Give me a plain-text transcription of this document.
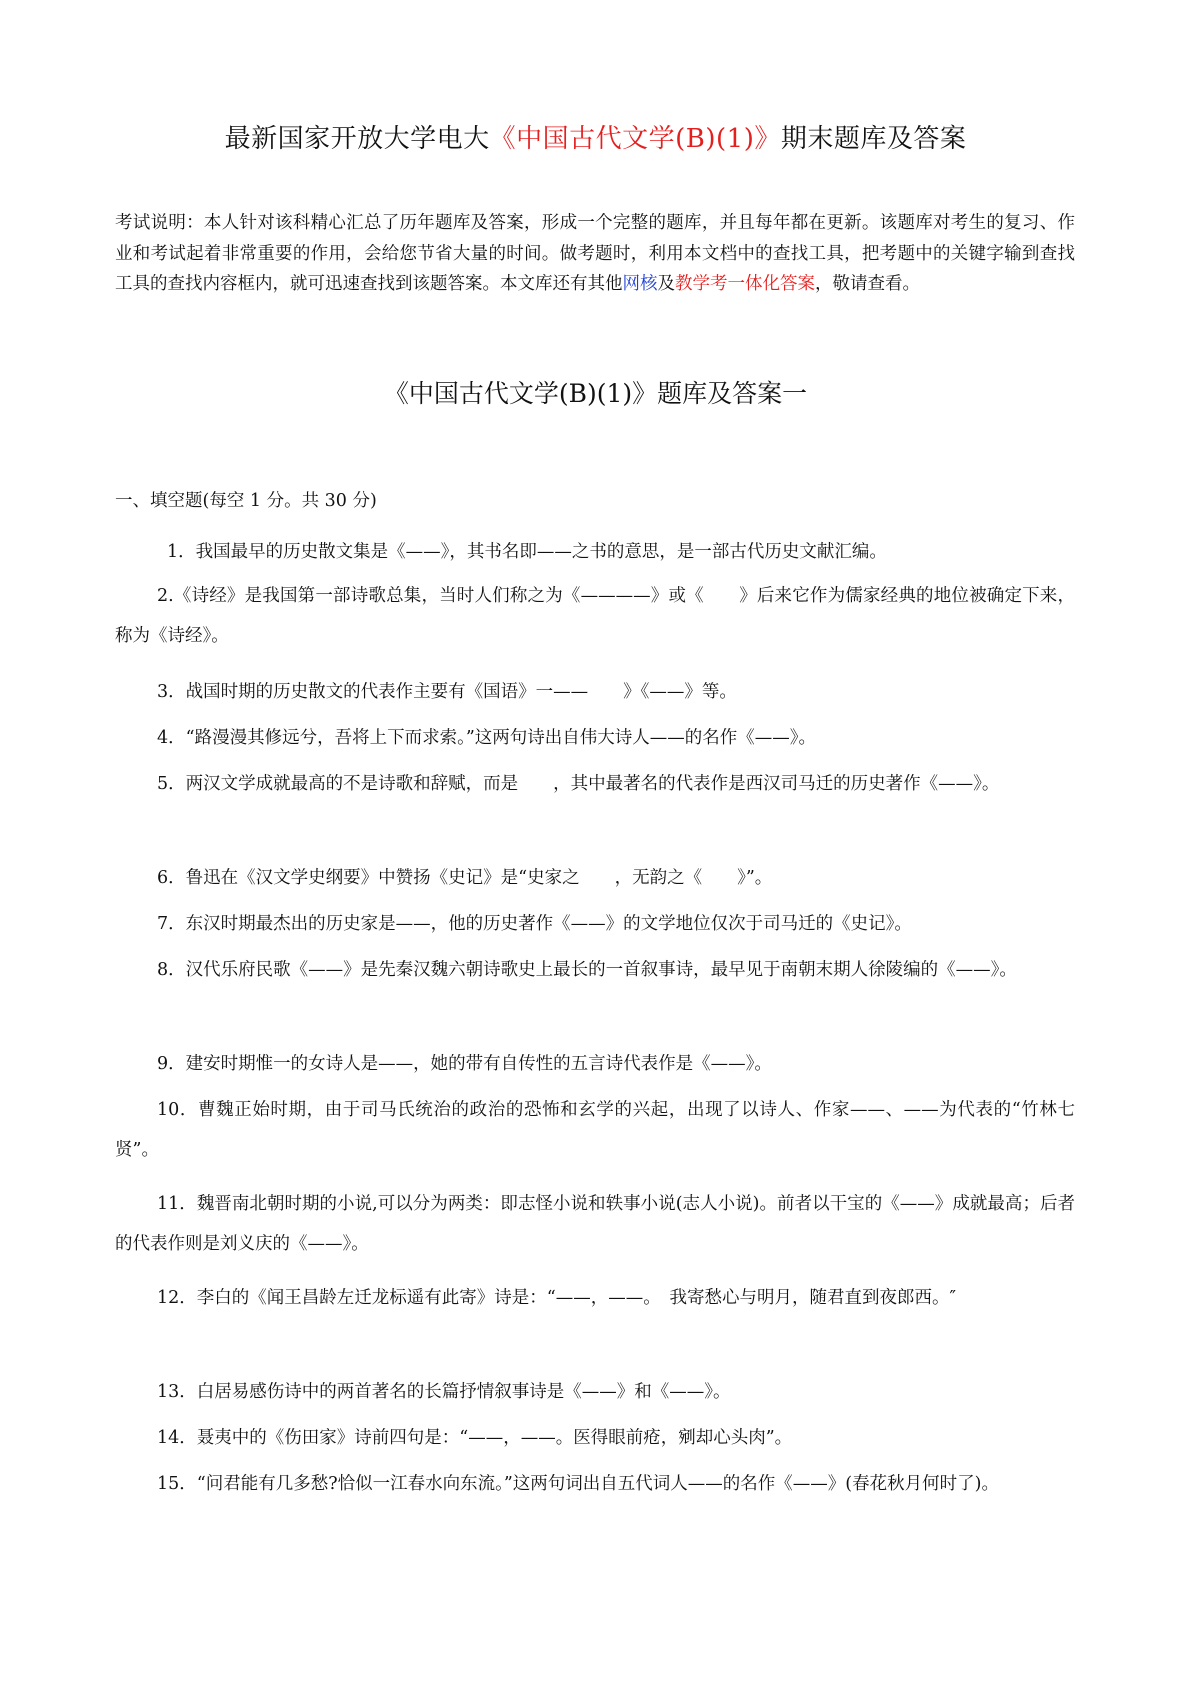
最新国家开放大学电大《中国古代文学(B)(1)》期末题库及答案
考试说明：本人针对该科精心汇总了历年题库及答案，形成一个完整的题库，并且每年都在更新。该题库对考生的复习、作业和考试起着非常重要的作用，会给您节省大量的时间。做考题时，利用本文档中的查找工具，把考题中的关键字输到查找工具的查找内容框内，就可迅速查找到该题答案。本文库还有其他网核及教学考一体化答案，敬请查看。
《中国古代文学(B)(1)》题库及答案一
一、填空题(每空 1 分。共 30 分)
1．我国最早的历史散文集是《——》，其书名即——之书的意思，是一部古代历史文献汇编。
2.《诗经》是我国第一部诗歌总集，当时人们称之为《————》或《　　》后来它作为儒家经典的地位被确定下来，称为《诗经》。
3．战国时期的历史散文的代表作主要有《国语》一——　　》《——》等。
4．“路漫漫其修远兮，吾将上下而求索。”这两句诗出自伟大诗人——的名作《——》。
5．两汉文学成就最高的不是诗歌和辞赋，而是　　，其中最著名的代表作是西汉司马迁的历史著作《——》。
6．鲁迅在《汉文学史纲要》中赞扬《史记》是“史家之　　，无韵之《　　》”。
7．东汉时期最杰出的历史家是——，他的历史著作《——》的文学地位仅次于司马迁的《史记》。
8．汉代乐府民歌《——》是先秦汉魏六朝诗歌史上最长的一首叙事诗，最早见于南朝末期人徐陵编的《——》。
9．建安时期惟一的女诗人是——，她的带有自传性的五言诗代表作是《——》。
10．曹魏正始时期，由于司马氏统治的政治的恐怖和玄学的兴起，出现了以诗人、作家——、——为代表的“竹林七贤”。
11．魏晋南北朝时期的小说,可以分为两类：即志怪小说和轶事小说(志人小说)。前者以干宝的《——》成就最高；后者的代表作则是刘义庆的《——》。
12．李白的《闻王昌龄左迁龙标遥有此寄》诗是：“——，——。　我寄愁心与明月，随君直到夜郎西。″
13．白居易感伤诗中的两首著名的长篇抒情叙事诗是《——》和《——》。
14．聂夷中的《伤田家》诗前四句是：“——，——。医得眼前疮，剜却心头肉”。
15．“问君能有几多愁?恰似一江春水向东流。”这两句词出自五代词人——的名作《——》(春花秋月何时了)。
